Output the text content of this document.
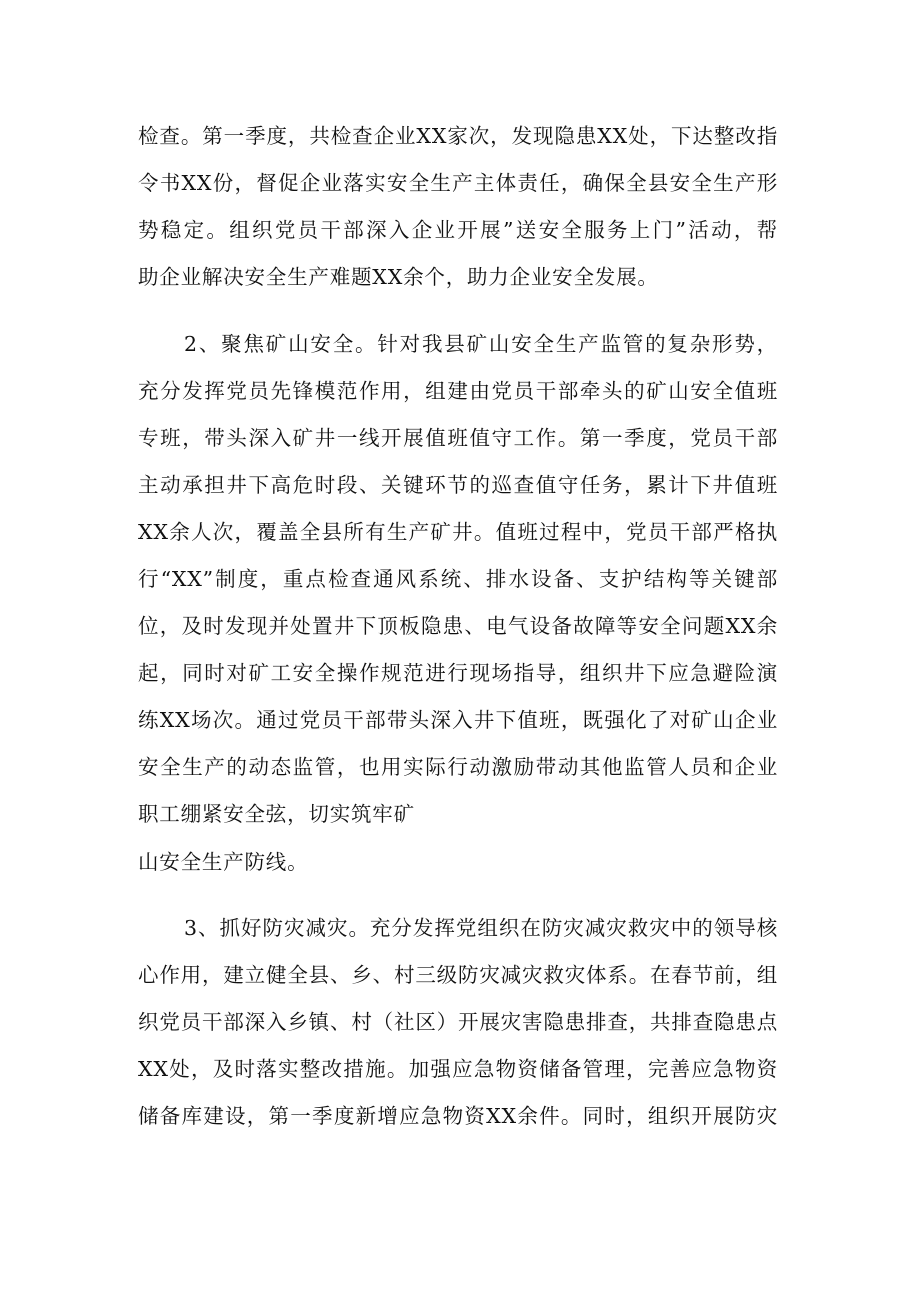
检查。第一季度，共检查企业XX家次，发现隐患XX处，下达整改指
令书XX份，督促企业落实安全生产主体责任，确保全县安全生产形
势稳定。组织党员干部深入企业开展”送安全服务上门”活动，帮
助企业解决安全生产难题XX余个，助力企业安全发展。
2、聚焦矿山安全。针对我县矿山安全生产监管的复杂形势，
充分发挥党员先锋模范作用，组建由党员干部牵头的矿山安全值班
专班，带头深入矿井一线开展值班值守工作。第一季度，党员干部
主动承担井下高危时段、关键环节的巡查值守任务，累计下井值班
XX余人次，覆盖全县所有生产矿井。值班过程中，党员干部严格执
行“XX”制度，重点检查通风系统、排水设备、支护结构等关键部
位，及时发现并处置井下顶板隐患、电气设备故障等安全问题XX余
起，同时对矿工安全操作规范进行现场指导，组织井下应急避险演
练XX场次。通过党员干部带头深入井下值班，既强化了对矿山企业
安全生产的动态监管，也用实际行动激励带动其他监管人员和企业
职工绷紧安全弦，切实筑牢矿
山安全生产防线。
3、抓好防灾减灾。充分发挥党组织在防灾减灾救灾中的领导核
心作用，建立健全县、乡、村三级防灾减灾救灾体系。在春节前，组
织党员干部深入乡镇、村（社区）开展灾害隐患排查，共排查隐患点
XX处，及时落实整改措施。加强应急物资储备管理，完善应急物资
储备库建设，第一季度新增应急物资XX余件。同时，组织开展防灾
